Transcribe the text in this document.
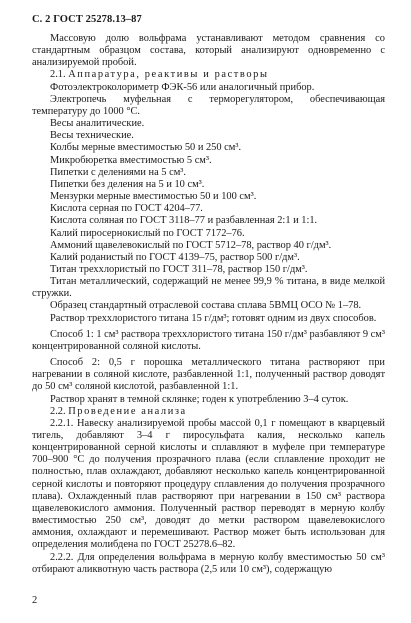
С. 2 ГОСТ 25278.13–87

Массовую долю вольфрама устанавливают методом сравнения со стандартным образцом состава, который анализируют одновременно с анализируемой пробой.

2.1. Аппаратура, реактивы и растворы

Фотоэлектроколориметр ФЭК-56 или аналогичный прибор.

Электропечь муфельная с терморегулятором, обеспечивающая температуру до 1000 °С.

Весы аналитические.

Весы технические.

Колбы мерные вместимостью 50 и 250 см³.

Микробюретка вместимостью 5 см³.

Пипетки с делениями на 5 см³.

Пипетки без деления на 5 и 10 см³.

Мензурки мерные вместимостью 50 и 100 см³.

Кислота серная по ГОСТ 4204–77.

Кислота соляная по ГОСТ 3118–77 и разбавленная 2:1 и 1:1.

Калий пиросернокислый по ГОСТ 7172–76.

Аммоний щавелевокислый по ГОСТ 5712–78, раствор 40 г/дм³.

Калий роданистый по ГОСТ 4139–75, раствор 500 г/дм³.

Титан треххлористый по ГОСТ 311–78, раствор 150 г/дм³.

Титан металлический, содержащий не менее 99,9 % титана, в виде мелкой стружки.

Образец стандартный отраслевой состава сплава 5ВМЦ ОСО № 1–78.

Раствор треххлористого титана 15 г/дм³; готовят одним из двух способов.

Способ 1: 1 см³ раствора треххлористого титана 150 г/дм³ разбавляют 9 см³ концентрированной соляной кислоты.

Способ 2: 0,5 г порошка металлического титана растворяют при нагревании в соляной кислоте, разбавленной 1:1, полученный раствор доводят до 50 см³ соляной кислотой, разбавленной 1:1.

Раствор хранят в темной склянке; годен к употреблению 3–4 суток.

2.2. Проведение анализа

2.2.1. Навеску анализируемой пробы массой 0,1 г помещают в кварцевый тигель, добавляют 3–4 г пиросульфата калия, несколько капель концентрированной серной кислоты и сплавляют в муфеле при температуре 700–900 °С до получения прозрачного плава (если сплавление проходит не полностью, плав охлаждают, добавляют несколько капель концентрированной серной кислоты и повторяют процедуру сплавления до получения прозрачного плава). Охлажденный плав растворяют при нагревании в 150 см³ раствора щавелевокислого аммония. Полученный раствор переводят в мерную колбу вместимостью 250 см³, доводят до метки раствором щавелевокислого аммония, охлаждают и перемешивают. Раствор может быть использован для определения молибдена по ГОСТ 25278.6–82.

2.2.2. Для определения вольфрама в мерную колбу вместимостью 50 см³ отбирают аликвотную часть раствора (2,5 или 10 см³), содержащую

2
